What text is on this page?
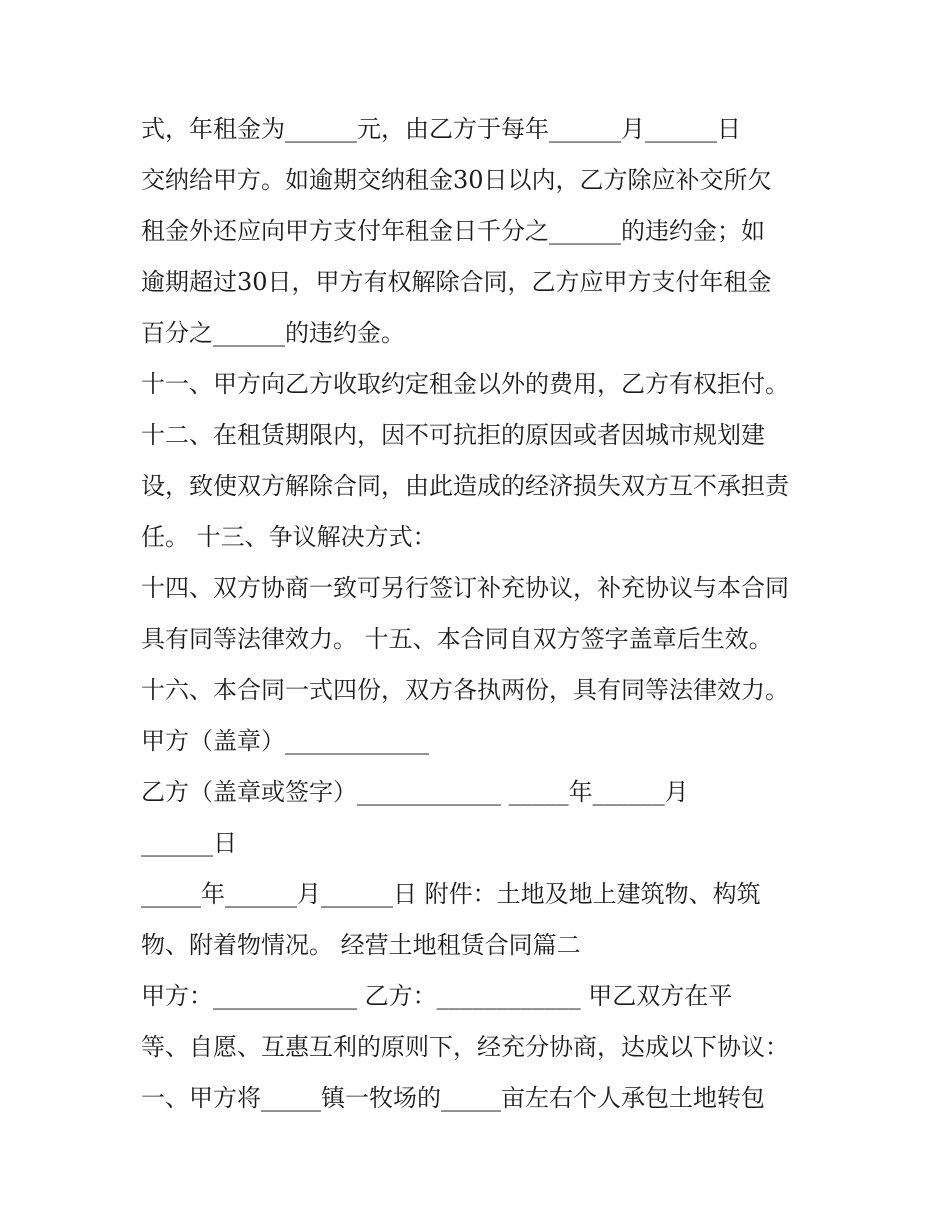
式，年租金为______元，由乙方于每年______月______日

交纳给甲方。如逾期交纳租金30日以内，乙方除应补交所欠

租金外还应向甲方支付年租金日千分之______的违约金；如

逾期超过30日，甲方有权解除合同，乙方应甲方支付年租金

百分之______的违约金。

十一、甲方向乙方收取约定租金以外的费用，乙方有权拒付。

十二、在租赁期限内，因不可抗拒的原因或者因城市规划建

设，致使双方解除合同，由此造成的经济损失双方互不承担责

任。 十三、争议解决方式：

十四、双方协商一致可另行签订补充协议，补充协议与本合同

具有同等法律效力。 十五、本合同自双方签字盖章后生效。

十六、本合同一式四份，双方各执两份，具有同等法律效力。

甲方（盖章）____________

乙方（盖章或签字）____________ _____年______月

______日

_____年______月______日 附件：土地及地上建筑物、构筑

物、附着物情况。 经营土地租赁合同篇二

甲方：____________ 乙方：____________ 甲乙双方在平

等、自愿、互惠互利的原则下，经充分协商，达成以下协议：

一、甲方将_____镇一牧场的_____亩左右个人承包土地转包
